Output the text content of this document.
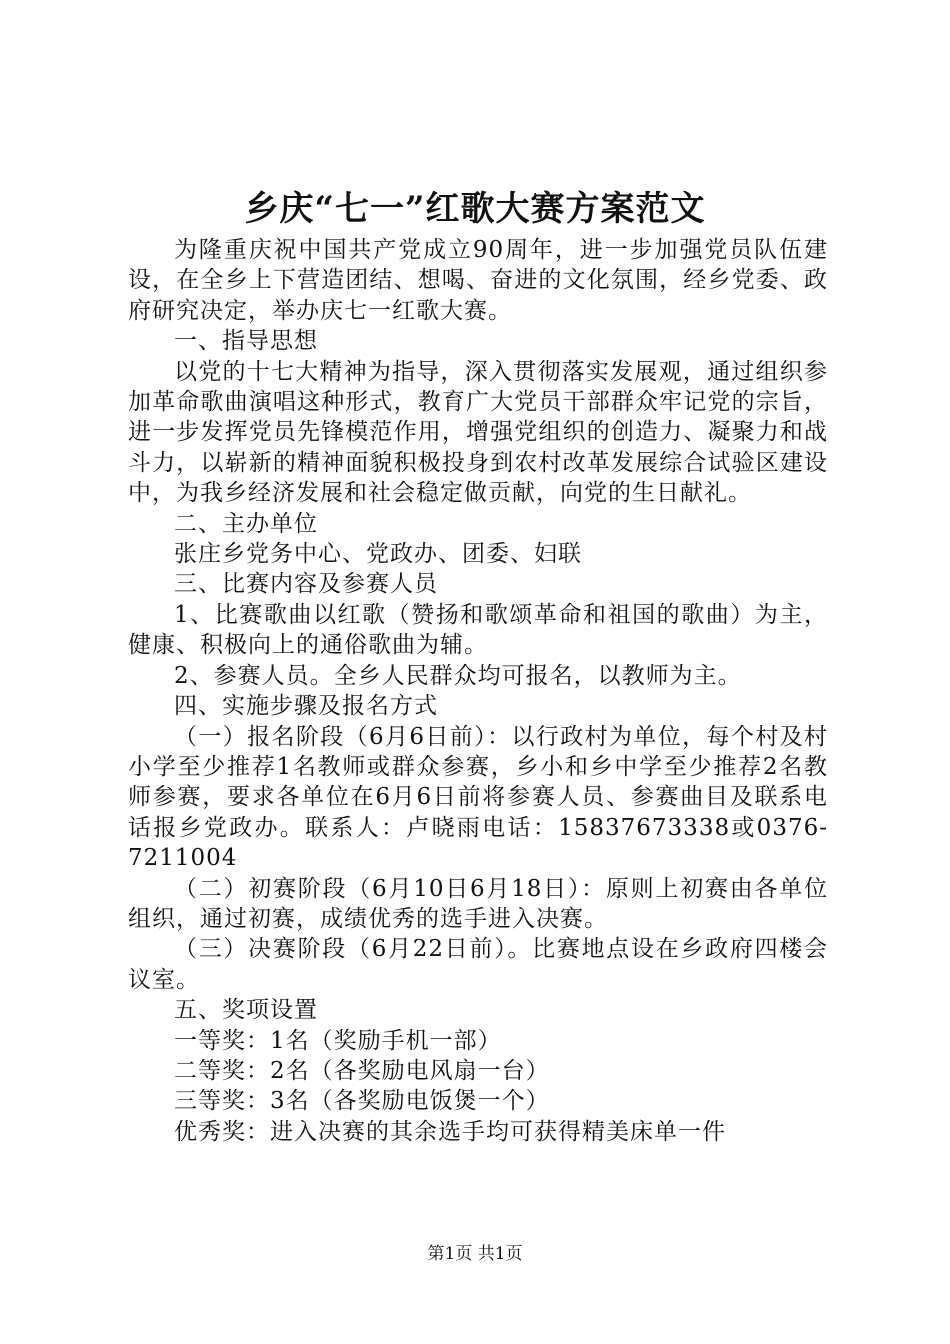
乡庆“七一”红歌大赛方案范文

为隆重庆祝中国共产党成立90周年，进一步加强党员队伍建设，在全乡上下营造团结、想喝、奋进的文化氛围，经乡党委、政府研究决定，举办庆七一红歌大赛。

一、指导思想

以党的十七大精神为指导，深入贯彻落实发展观，通过组织参加革命歌曲演唱这种形式，教育广大党员干部群众牢记党的宗旨，进一步发挥党员先锋模范作用，增强党组织的创造力、凝聚力和战斗力，以崭新的精神面貌积极投身到农村改革发展综合试验区建设中，为我乡经济发展和社会稳定做贡献，向党的生日献礼。

二、主办单位

张庄乡党务中心、党政办、团委、妇联

三、比赛内容及参赛人员

1、比赛歌曲以红歌（赞扬和歌颂革命和祖国的歌曲）为主，健康、积极向上的通俗歌曲为辅。

2、参赛人员。全乡人民群众均可报名，以教师为主。

四、实施步骤及报名方式

（一）报名阶段（6月6日前）：以行政村为单位，每个村及村小学至少推荐1名教师或群众参赛，乡小和乡中学至少推荐2名教师参赛，要求各单位在6月6日前将参赛人员、参赛曲目及联系电话报乡党政办。联系人：卢晓雨电话：15837673338或0376-7211004

（二）初赛阶段（6月10日6月18日）：原则上初赛由各单位组织，通过初赛，成绩优秀的选手进入决赛。

（三）决赛阶段（6月22日前）。比赛地点设在乡政府四楼会议室。

五、奖项设置

一等奖：1名（奖励手机一部）

二等奖：2名（各奖励电风扇一台）

三等奖：3名（各奖励电饭煲一个）

优秀奖：进入决赛的其余选手均可获得精美床单一件

第1页 共1页
